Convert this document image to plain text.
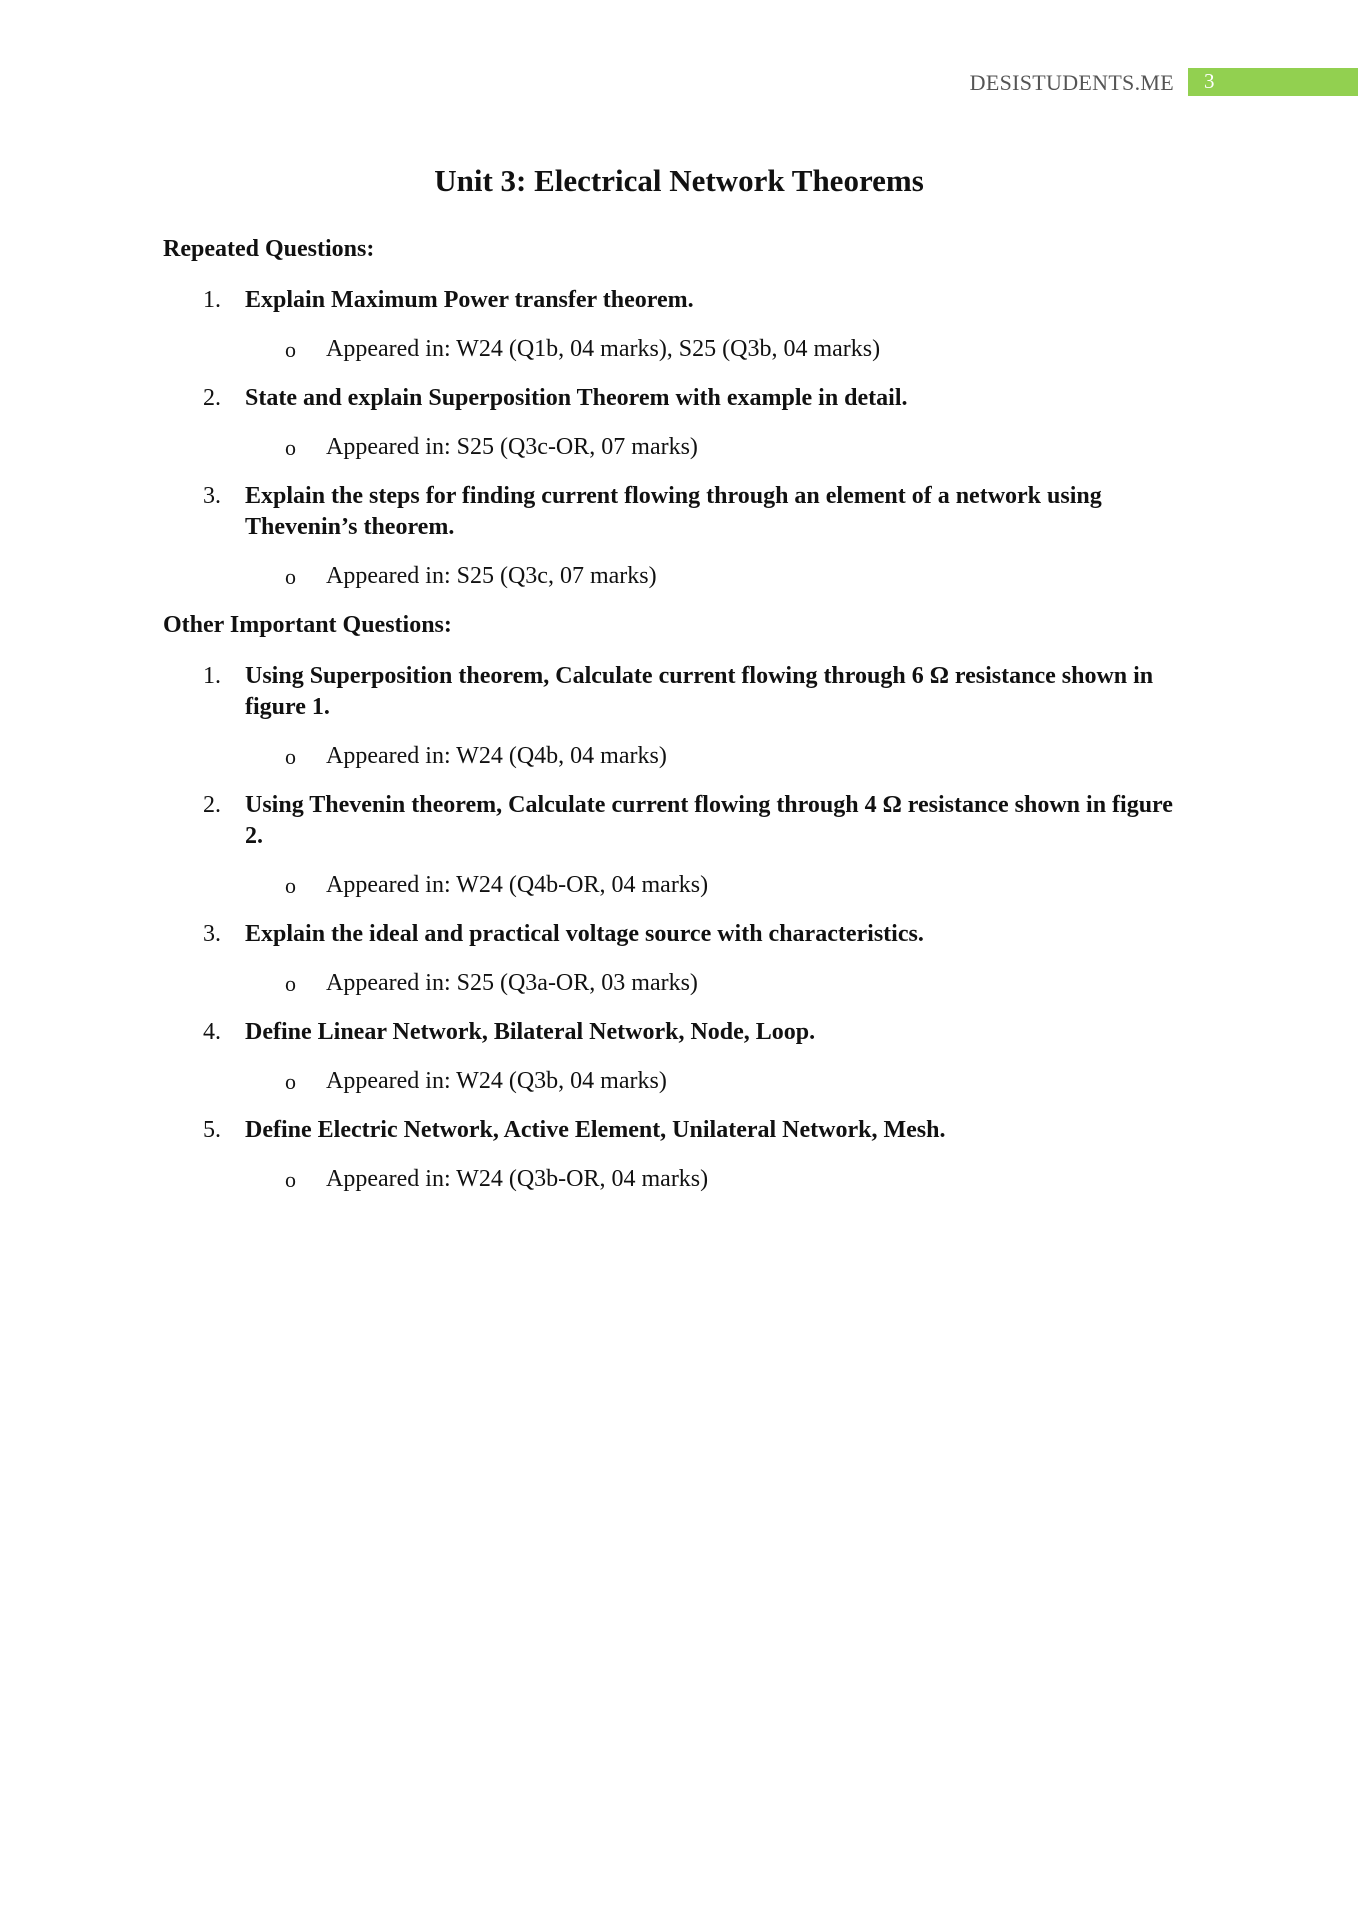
DESISTUDENTS.ME 3
Unit 3: Electrical Network Theorems
Repeated Questions:
1. Explain Maximum Power transfer theorem.
o Appeared in: W24 (Q1b, 04 marks), S25 (Q3b, 04 marks)
2. State and explain Superposition Theorem with example in detail.
o Appeared in: S25 (Q3c-OR, 07 marks)
3. Explain the steps for finding current flowing through an element of a network using Thevenin’s theorem.
o Appeared in: S25 (Q3c, 07 marks)
Other Important Questions:
1. Using Superposition theorem, Calculate current flowing through 6 Ω resistance shown in figure 1.
o Appeared in: W24 (Q4b, 04 marks)
2. Using Thevenin theorem, Calculate current flowing through 4 Ω resistance shown in figure 2.
o Appeared in: W24 (Q4b-OR, 04 marks)
3. Explain the ideal and practical voltage source with characteristics.
o Appeared in: S25 (Q3a-OR, 03 marks)
4. Define Linear Network, Bilateral Network, Node, Loop.
o Appeared in: W24 (Q3b, 04 marks)
5. Define Electric Network, Active Element, Unilateral Network, Mesh.
o Appeared in: W24 (Q3b-OR, 04 marks)
